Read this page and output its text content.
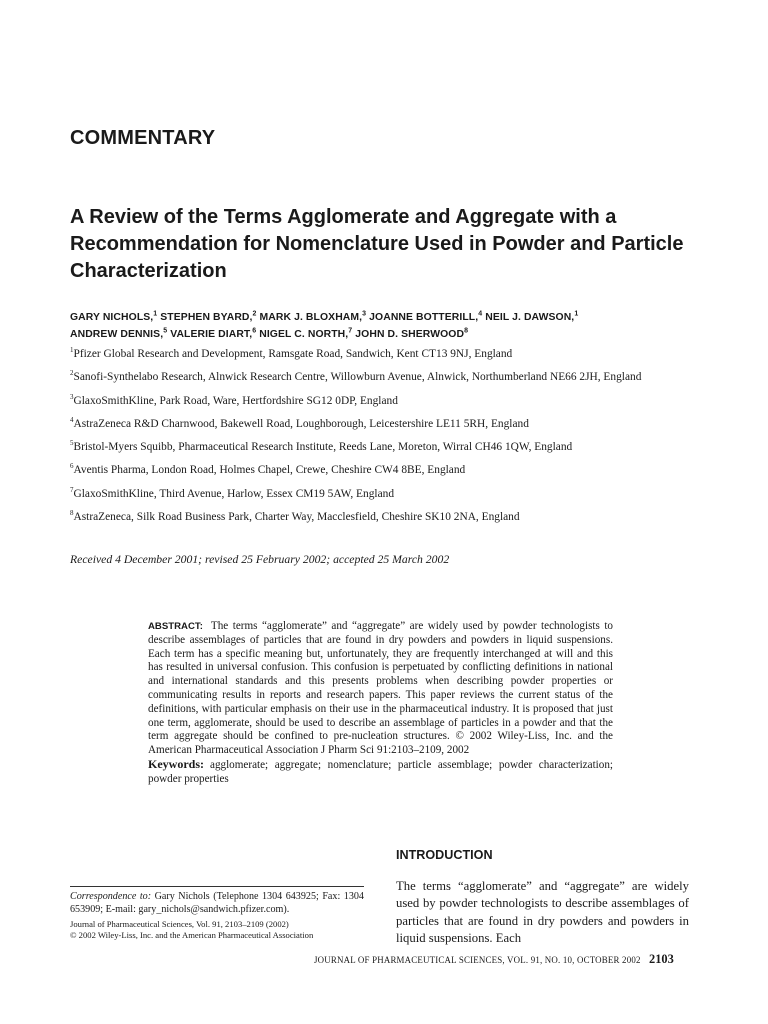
COMMENTARY
A Review of the Terms Agglomerate and Aggregate with a Recommendation for Nomenclature Used in Powder and Particle Characterization
GARY NICHOLS,$^1$ STEPHEN BYARD,$^2$ MARK J. BLOXHAM,$^3$ JOANNE BOTTERILL,$^4$ NEIL J. DAWSON,$^1$
ANDREW DENNIS,$^5$ VALERIE DIART,$^6$ NIGEL C. NORTH,$^7$ JOHN D. SHERWOOD$^8$
$^1$Pfizer Global Research and Development, Ramsgate Road, Sandwich, Kent CT13 9NJ, England
$^2$Sanofi-Synthelabo Research, Alnwick Research Centre, Willowburn Avenue, Alnwick, Northumberland NE66 2JH, England
$^3$GlaxoSmithKline, Park Road, Ware, Hertfordshire SG12 0DP, England
$^4$AstraZeneca R&D Charnwood, Bakewell Road, Loughborough, Leicestershire LE11 5RH, England
$^5$Bristol-Myers Squibb, Pharmaceutical Research Institute, Reeds Lane, Moreton, Wirral CH46 1QW, England
$^6$Aventis Pharma, London Road, Holmes Chapel, Crewe, Cheshire CW4 8BE, England
$^7$GlaxoSmithKline, Third Avenue, Harlow, Essex CM19 5AW, England
$^8$AstraZeneca, Silk Road Business Park, Charter Way, Macclesfield, Cheshire SK10 2NA, England
Received 4 December 2001; revised 25 February 2002; accepted 25 March 2002

ABSTRACT: The terms “agglomerate” and “aggregate” are widely used by powder technologists to describe assemblages of particles that are found in dry powders and powders in liquid suspensions. Each term has a specific meaning but, unfortunately, they are frequently interchanged at will and this has resulted in universal confusion. This confusion is perpetuated by conflicting definitions in national and international standards and this presents problems when describing powder properties or communicating results in reports and research papers. This paper reviews the current status of the definitions, with particular emphasis on their use in the pharmaceutical industry. It is proposed that just one term, agglomerate, should be used to describe an assemblage of particles in a powder and that the term aggregate should be confined to pre-nucleation structures. © 2002 Wiley-Liss, Inc. and the American Pharmaceutical Association J Pharm Sci 91:2103–2109, 2002

Keywords: agglomerate; aggregate; nomenclature; particle assemblage; powder characterization; powder properties

INTRODUCTION

The terms “agglomerate” and “aggregate” are widely used by powder technologists to describe assemblages of particles that are found in dry powders and powders in liquid suspensions. Each

Correspondence to: Gary Nichols (Telephone 1304 643925; Fax: 1304 653909; E-mail: gary_nichols@sandwich.pfizer.com).
Journal of Pharmaceutical Sciences, Vol. 91, 2103–2109 (2002)
© 2002 Wiley-Liss, Inc. and the American Pharmaceutical Association
JOURNAL OF PHARMACEUTICAL SCIENCES, VOL. 91, NO. 10, OCTOBER 2002 2103
